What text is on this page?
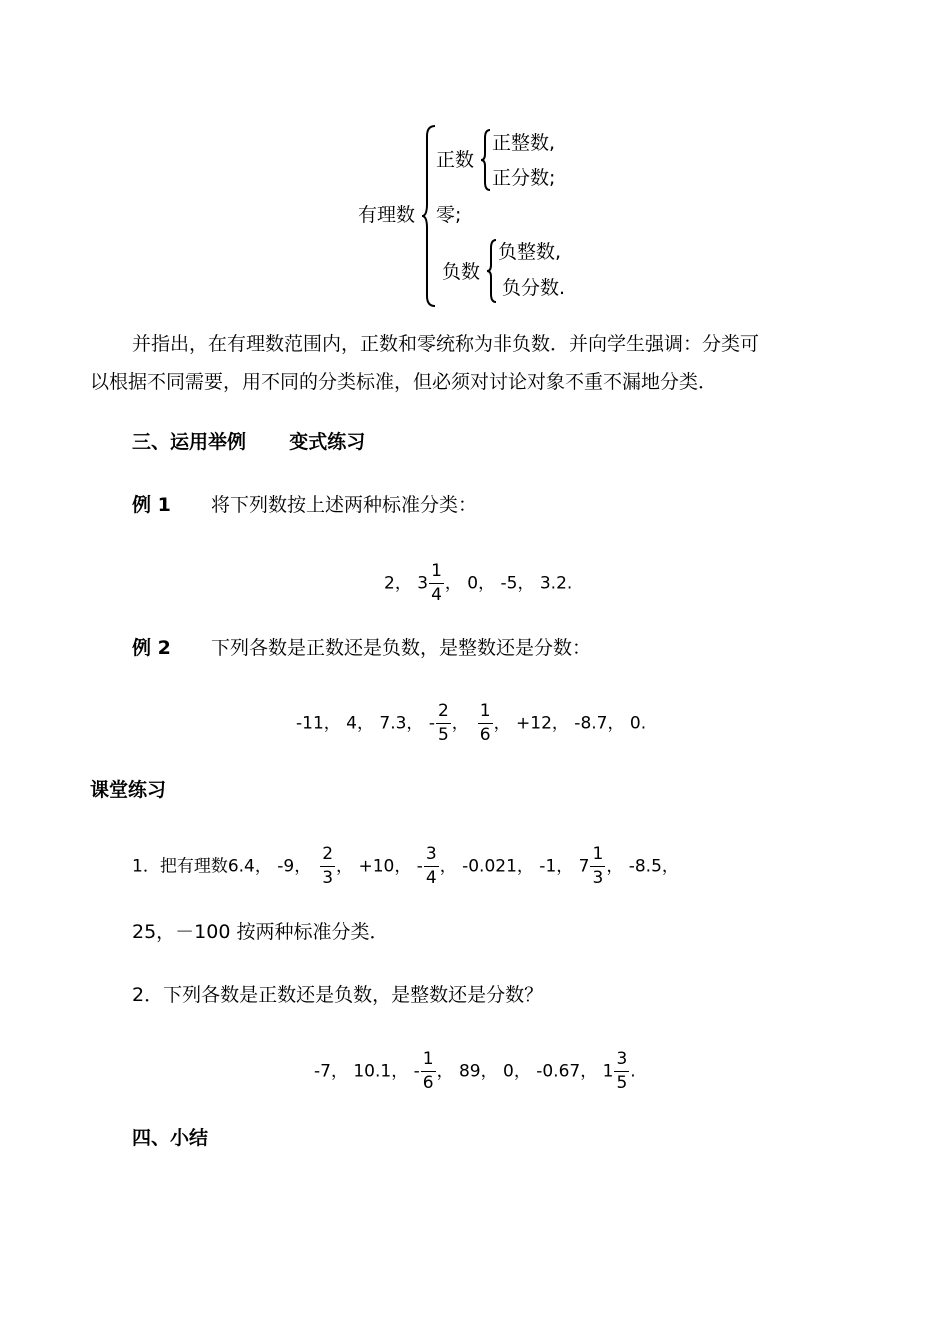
有理数
正数
正整数,
正分数;
零;
负数
负整数,
负分数.
并指出，在有理数范围内，正数和零统称为非负数．并向学生强调：分类可
以根据不同需要，用不同的分类标准，但必须对讨论对象不重不漏地分类．
三、运用举例 变式练习
例 1 将下列数按上述两种标准分类：
2， $3 \frac{1}{4}$ ， 0， -5， 3.2.
例 2 下列各数是正数还是负数，是整数还是分数：
-11， 4， 7.3， - $\frac{2}{5}$ ， $\frac{1}{6}$ ， +12， -8.7， 0.
课堂练习
1．把有理数6.4， -9， $\frac{2}{3}$ ， +10， - $\frac{3}{4}$ ， -0.021， -1， $7 \frac{1}{3}$ ， -8.5，
25，－100 按两种标准分类．
2．下列各数是正数还是负数，是整数还是分数？
-7， 10.1， - $\frac{1}{6}$ ， 89， 0， -0.67， $1 \frac{3}{5}$ .
四、小结
